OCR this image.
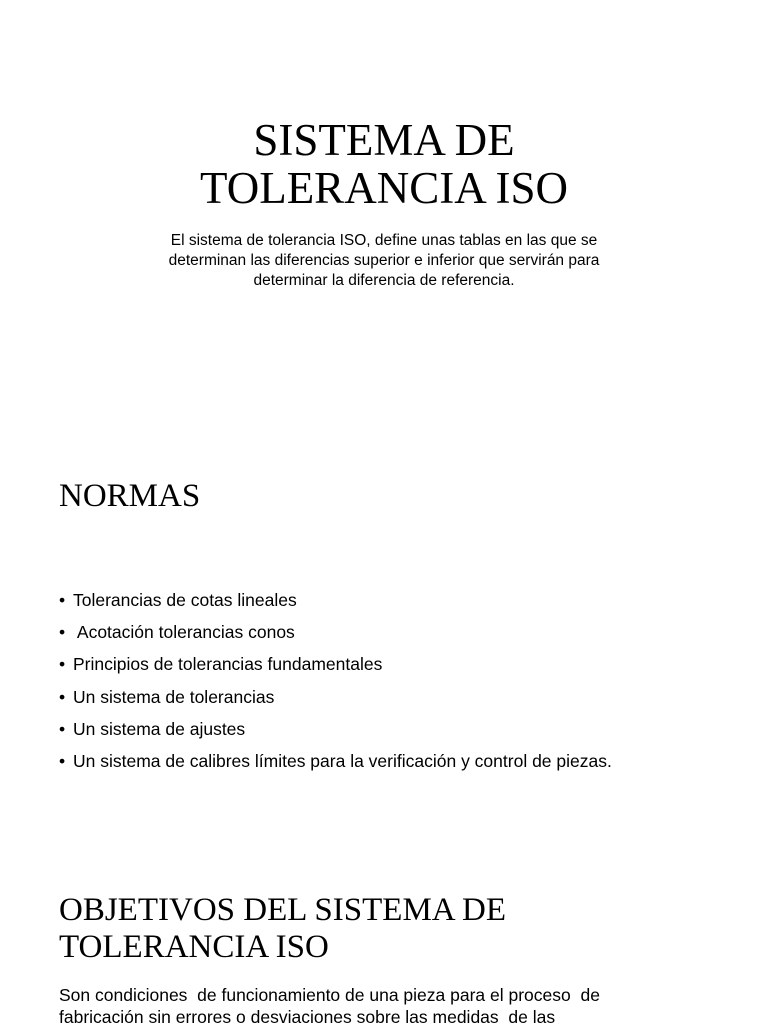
SISTEMA DE
TOLERANCIA ISO

El sistema de tolerancia ISO, define unas tablas en las que se
determinan las diferencias superior e inferior que servirán para
determinar la diferencia de referencia.

NORMAS
• Tolerancias de cotas lineales
• Acotación tolerancias conos
• Principios de tolerancias fundamentales
• Un sistema de tolerancias
• Un sistema de ajustes
• Un sistema de calibres límites para la verificación y control de piezas.
OBJETIVOS DEL SISTEMA DE
TOLERANCIA ISO

Son condiciones  de funcionamiento de una pieza para el proceso  de
fabricación sin errores o desviaciones sobre las medidas  de las
